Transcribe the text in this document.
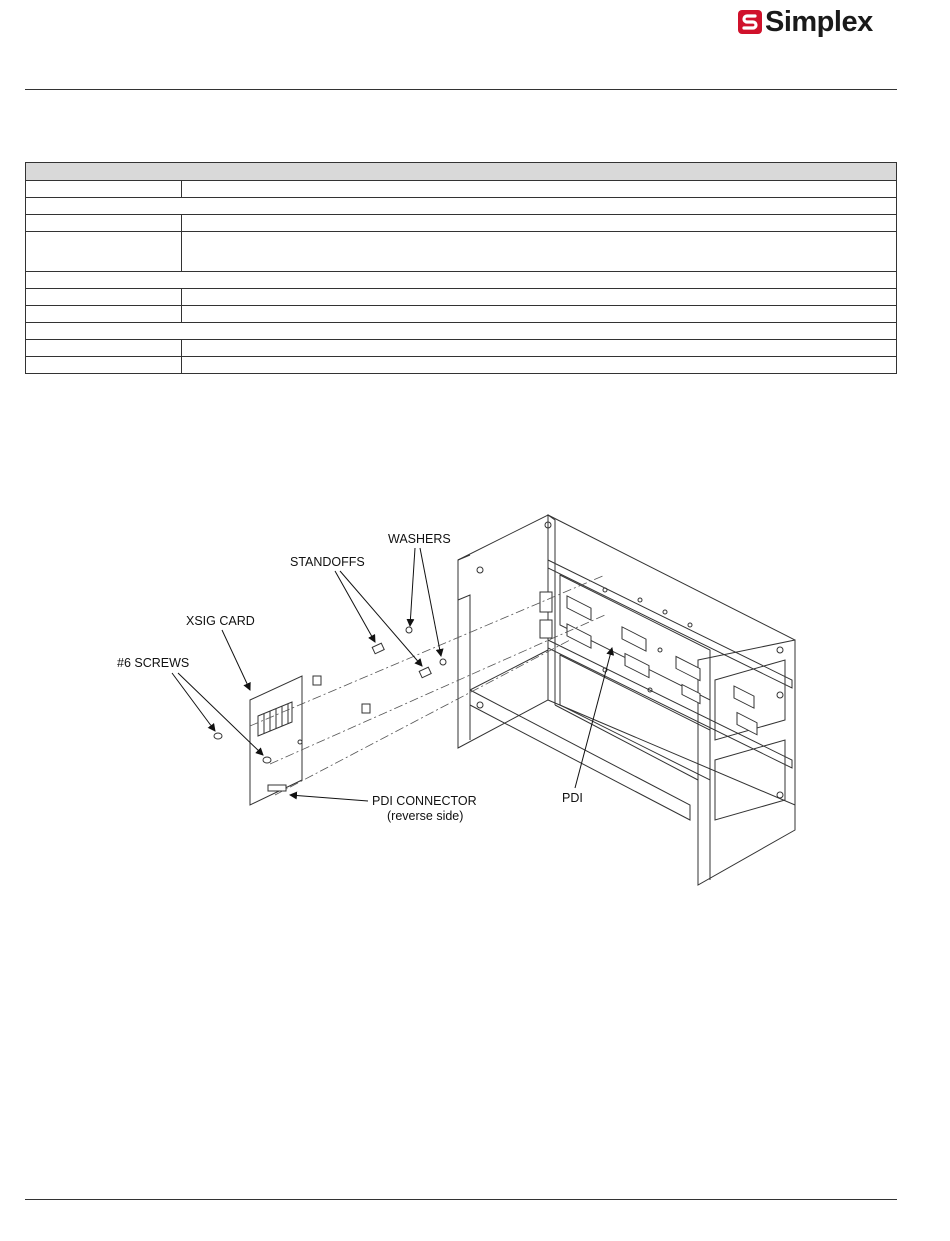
Simplex

WASHERS
STANDOFFS
XSIG CARD
#6 SCREWS
PDI CONNECTOR
(reverse side)
PDI
